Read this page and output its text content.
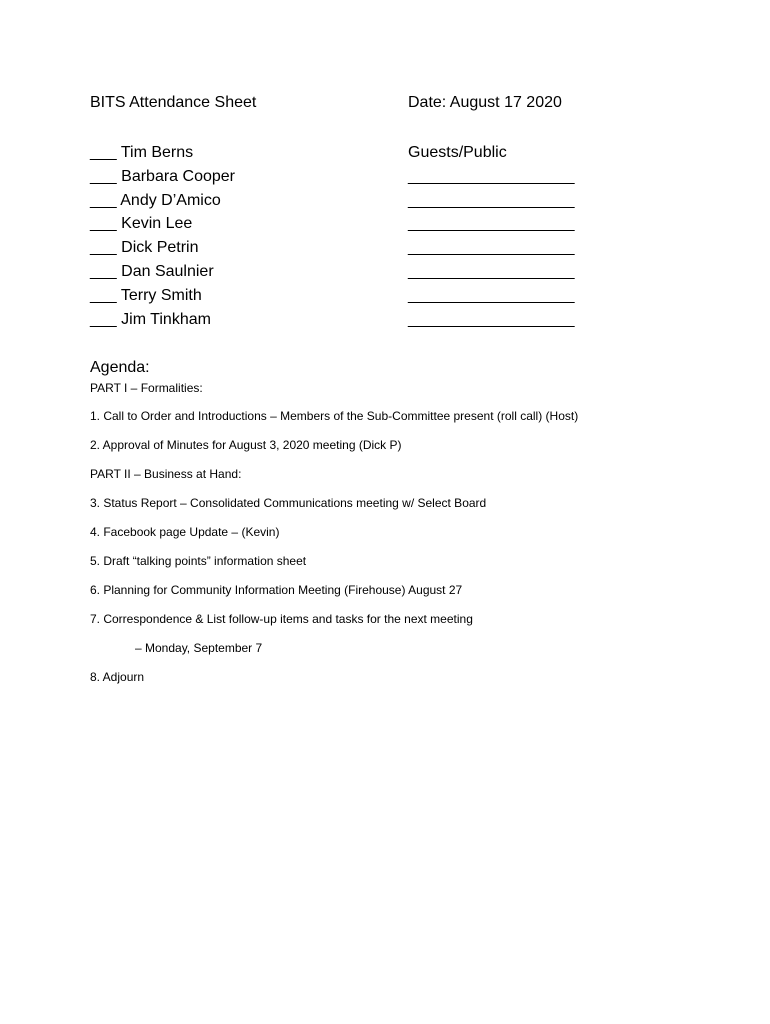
BITS Attendance Sheet	Date: August 17 2020
___ Tim Berns
___ Barbara Cooper
___ Andy D’Amico
___ Kevin Lee
___ Dick Petrin
___ Dan Saulnier
___ Terry Smith
___ Jim Tinkham
Guests/Public
____________________
____________________
____________________
____________________
____________________
____________________
____________________
Agenda:
PART I – Formalities:
1. Call to Order and Introductions – Members of the Sub-Committee present (roll call) (Host)
2. Approval of Minutes for August 3, 2020 meeting (Dick P)
PART II – Business at Hand:
3. Status Report – Consolidated Communications meeting w/ Select Board
4. Facebook page Update – (Kevin)
5. Draft “talking points” information sheet
6. Planning for Community Information Meeting (Firehouse) August 27
7. Correspondence & List follow-up items and tasks for the next meeting
– Monday, September 7
8. Adjourn
